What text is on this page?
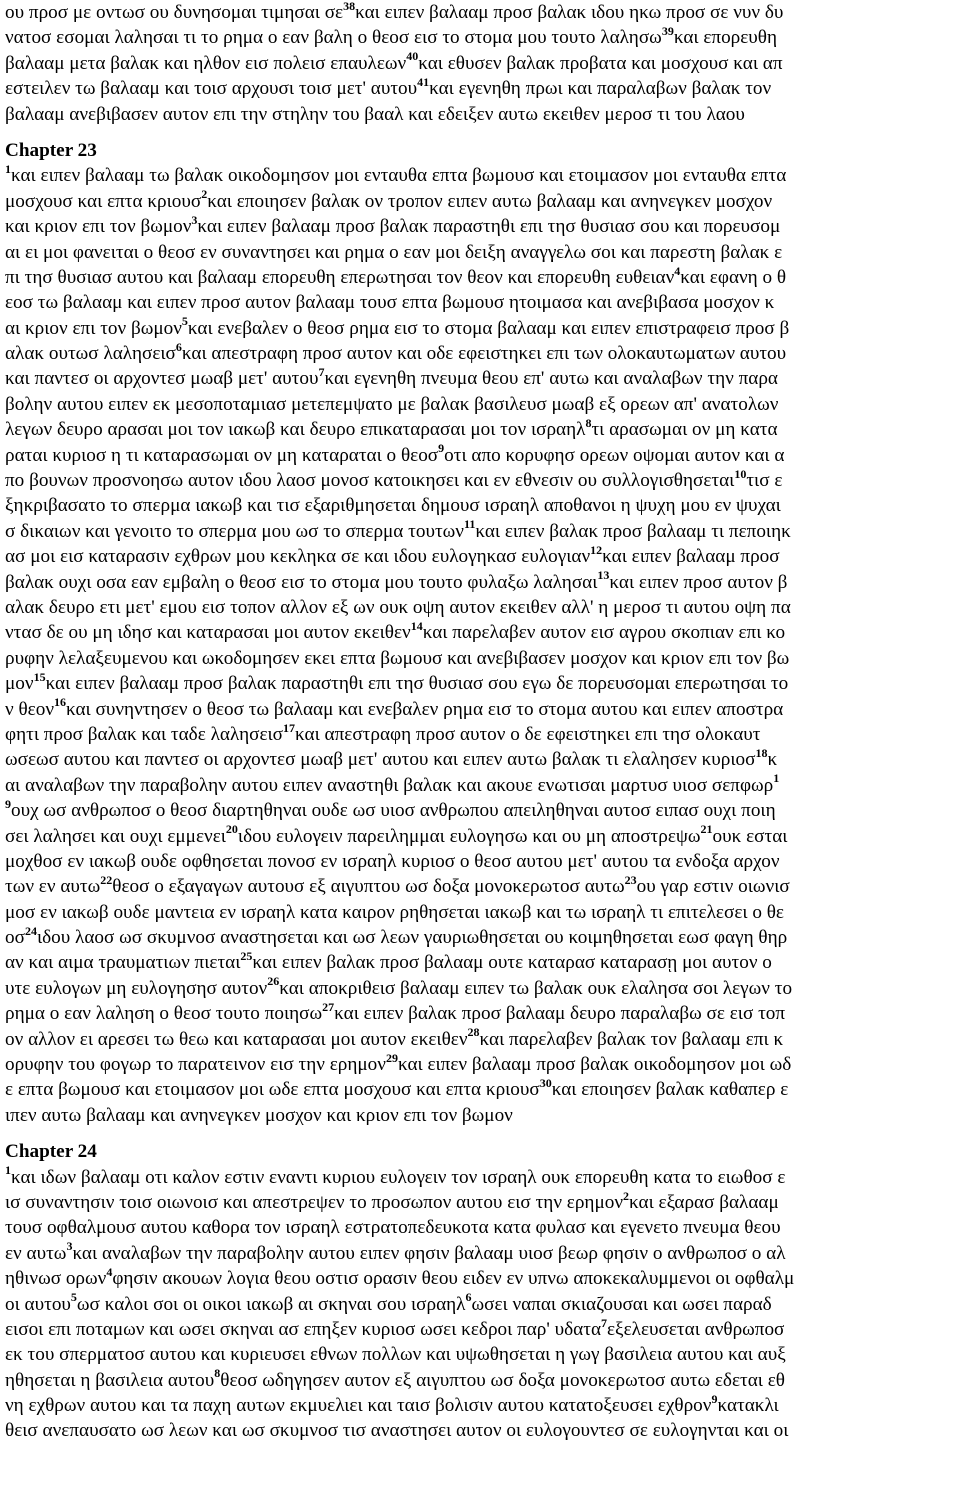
ου προσ με οντωσ ου δυνησομαι τιμησαι $\sigma\varepsilon^{38}\kappa\alpha\iota$ ειπεν βαλααμ προσ βαλακ ιδου ηκω προσ σε νυν δυ
νατοσ εσομαι λαλησαι τι το ρημα ο εαν βαλη ο θεοσ εισ το στομα μου τουτο λαλησω$^{39}$και επορευθη
βαλααμ μετα βαλακ και ηλθον εισ πολεισ επαυλεων$^{40}$και εθυσεν βαλακ προβατα και μοσχουσ και απ
εστειλεν τω βαλααμ και τοισ αρχουσι τοισ μετ' αυτου$^{41}$και εγενηθη πρωι και παραλαβων βαλακ τον
βαλααμ ανεβιβασεν αυτον επι την στηλην του βααλ και εδειξεν αυτω εκειθεν μεροσ τι του λαου
Chapter 23
$^1$και ειπεν βαλααμ τω βαλακ οικοδομησον μοι ενταυθα επτα βωμουσ και ετοιμασον μοι ενταυθα επτα
μοσχουσ και επτα κριουσ$^2$και εποιησεν βαλακ ον τροπον ειπεν αυτω βαλααμ και ανηνεγκεν μοσχον
και κριον επι τον βωμον$^3$και ειπεν βαλααμ προσ βαλακ παραστηθι επι τησ θυσιασ σου και πορευσομ
αι ει μοι φανειται ο θεοσ εν συναντησει και ρημα ο εαν μοι δειξη αναγγελω σοι και παρεστη βαλακ ε
πι τησ θυσιασ αυτου και βαλααμ επορευθη επερωτησαι τον θεον και επορευθη ευθειαν$^4$και εφανη ο θ
εοσ τω βαλααμ και ειπεν προσ αυτον βαλααμ τουσ επτα βωμουσ ητοιμασα και ανεβιβασα μοσχον κ
αι κριον επι τον βωμον$^5$και ενεβαλεν ο θεοσ ρημα εισ το στομα βαλααμ και ειπεν επιστραφεισ προσ β
αλακ ουτωσ λαλησεισ$^6$και απεστραφη προσ αυτον και οδε εφειστηκει επι των ολοκαυτωματων αυτου
και παντεσ οι αρχοντεσ μωαβ μετ' αυτου$^7$και εγενηθη πνευμα θεου επ' αυτω και αναλαβων την παρα
βολην αυτου ειπεν εκ μεσοποταμιασ μετεπεμψατο με βαλακ βασιλευσ μωαβ εξ ορεων απ' ανατολων
λεγων δευρο αρασαι μοι τον ιακωβ και δευρο επικαταρασαι μοι τον ισραηλ$^8$τι αρασωμαι ον μη κατα
ραται κυριοσ η τι καταρασωμαι ον μη καταραται ο θεοσ$^9$οτι απο κορυφησ ορεων οψομαι αυτον και α
πο βουνων προσνοησω αυτον ιδου λαοσ μονοσ κατοικησει και εν εθνεσιν ου συλλογισθησεται$^{10}$τισ ε
ξηκριβασατο το σπερμα ιακωβ και τισ εξαριθμησεται δημουσ ισραηλ αποθανοι η ψυχη μου εν ψυχαι
σ δικαιων και γενοιτο το σπερμα μου ωσ το σπερμα τουτων$^{11}$και ειπεν βαλακ προσ βαλααμ τι πεποιηκ
ασ μοι εισ καταρασιν εχθρων μου κεκληκα σε και ιδου ευλογηκασ ευλογιαν$^{12}$και ειπεν βαλααμ προσ
βαλακ ουχι οσα εαν εμβαλη ο θεοσ εισ το στομα μου τουτο φυλαξω λαλησαι$^{13}$και ειπεν προσ αυτον β
αλακ δευρο ετι μετ' εμου εισ τοπον αλλον εξ ων ουκ οψη αυτον εκειθεν αλλ' η μεροσ τι αυτου οψη πα
ντασ δε ου μη ιδησ και καταρασαι μοι αυτον εκειθεν$^{14}$και παρελαβεν αυτον εισ αγρου σκοπιαν επι κο
ρυφην λελαξευμενου και ωκοδομησεν εκει επτα βωμουσ και ανεβιβασεν μοσχον και κριον επι τον βω
μον$^{15}$και ειπεν βαλααμ προσ βαλακ παραστηθι επι τησ θυσιασ σου εγω δε πορευσομαι επερωτησαι το
ν θεον$^{16}$και συνηντησεν ο θεοσ τω βαλααμ και ενεβαλεν ρημα εισ το στομα αυτου και ειπεν αποστρα
φητι προσ βαλακ και ταδε λαλησεισ$^{17}$και απεστραφη προσ αυτον ο δε εφειστηκει επι τησ ολοκαυτ
ωσεωσ αυτου και παντεσ οι αρχοντεσ μωαβ μετ' αυτου και ειπεν αυτω βαλακ τι ελαλησεν κυριοσ$^{18}$κ
αι αναλαβων την παραβολην αυτου ειπεν αναστηθι βαλακ και ακουε ενωτισαι μαρτυσ υιοσ σεπφωρ$^1$
$^9$ουχ ωσ ανθρωποσ ο θεοσ διαρτηθηναι ουδε ωσ υιοσ ανθρωπου απειληθηναι αυτοσ ειπασ ουχι ποιη
σει λαλησει και ουχι εμμενει$^{20}$ιδου ευλογειν παρειλημμαι ευλογησω και ου μη αποστρεψω$^{21}$ουκ εσται
μοχθοσ εν ιακωβ ουδε οφθησεται πονοσ εν ισραηλ κυριοσ ο θεοσ αυτου μετ' αυτου τα ενδοξα αρχον
των εν αυτω$^{22}$θεοσ ο εξαγαγων αυτουσ εξ αιγυπτου ωσ δοξα μονοκερωτοσ αυτω$^{23}$ου γαρ εστιν οιωνισ
μοσ εν ιακωβ ουδε μαντεια εν ισραηλ κατα καιρον ρηθησεται ιακωβ και τω ισραηλ τι επιτελεσει ο θε
$o\sigma^{24}\iota\delta o\upsilon$ λαοσ ωσ σκυμνοσ αναστησεται και ωσ λεων γαυριωθησεται ου κοιμηθησεται εωσ φαγη θηρ
αν και αιμα τραυματιων πιεται$^{25}$και ειπεν βαλακ προσ βαλααμ ουτε καταρασ καταρασῃ μοι αυτον ο
υτε ευλογων μη ευλογησησ αυτον$^{26}$και αποκριθεισ βαλααμ ειπεν τω βαλακ ουκ ελαλησα σοι λεγων το
ρημα ο εαν λαληση ο θεοσ τουτο ποιησω$^{27}$και ειπεν βαλακ προσ βαλααμ δευρο παραλαβω σε εισ τοπ
ον αλλον ει αρεσει τω θεω και καταρασαι μοι αυτον εκειθεν$^{28}$και παρελαβεν βαλακ τον βαλααμ επι κ
ορυφην του φογωρ το παρατεινον εισ την ερημον$^{29}$και ειπεν βαλααμ προσ βαλακ οικοδομησον μοι ωδ
ε επτα βωμουσ και ετοιμασον μοι ωδε επτα μοσχουσ και επτα κριουσ$^{30}$και εποιησεν βαλακ καθαπερ ε
ιπεν αυτω βαλααμ και ανηνεγκεν μοσχον και κριον επι τον βωμον
Chapter 24
$^1$και ιδων βαλααμ οτι καλον εστιν εναντι κυριου ευλογειν τον ισραηλ ουκ επορευθη κατα το ειωθοσ ε
ισ συναντησιν τοισ οιωνοισ και απεστρεψεν το προσωπον αυτου εισ την ερημον$^2$και εξαρασ βαλααμ
τουσ οφθαλμουσ αυτου καθορα τον ισραηλ εστρατοπεδευκοτα κατα φυλασ και εγενετο πνευμα θεου
εν αυτω$^3$και αναλαβων την παραβολην αυτου ειπεν φησιν βαλααμ υιοσ βεωρ φησιν ο ανθρωποσ ο αλ
ηθινωσ ορων$^4$φησιν ακουων λογια θεου οστισ ορασιν θεου ειδεν εν υπνω αποκεκαλυμμενοι οι οφθαλμ
οι αυτου$^5$ωσ καλοι σοι οι οικοι ιακωβ αι σκηναι σου ισραηλ$^6$ωσει ναπαι σκιαζουσαι και ωσει παραδ
εισοι επι ποταμων και ωσει σκηναι ασ επηξεν κυριοσ ωσει κεδροι παρ' υδατα$^7$εξελευσεται ανθρωποσ
εκ του σπερματοσ αυτου και κυριευσει εθνων πολλων και υψωθησεται η γωγ βασιλεια αυτου και αυξ
ηθησεται η βασιλεια αυτου$^8$θεοσ ωδηγησεν αυτον εξ αιγυπτου ωσ δοξα μονοκερωτοσ αυτω εδεται εθ
νη εχθρων αυτου και τα παχη αυτων εκμυελιει και ταισ βολισιν αυτου κατατοξευσει εχθρον$^9$κατακλι
θεισ ανεπαυσατο ωσ λεων και ωσ σκυμνοσ τισ αναστησει αυτον οι ευλογουντεσ σε ευλογηνται και οι
